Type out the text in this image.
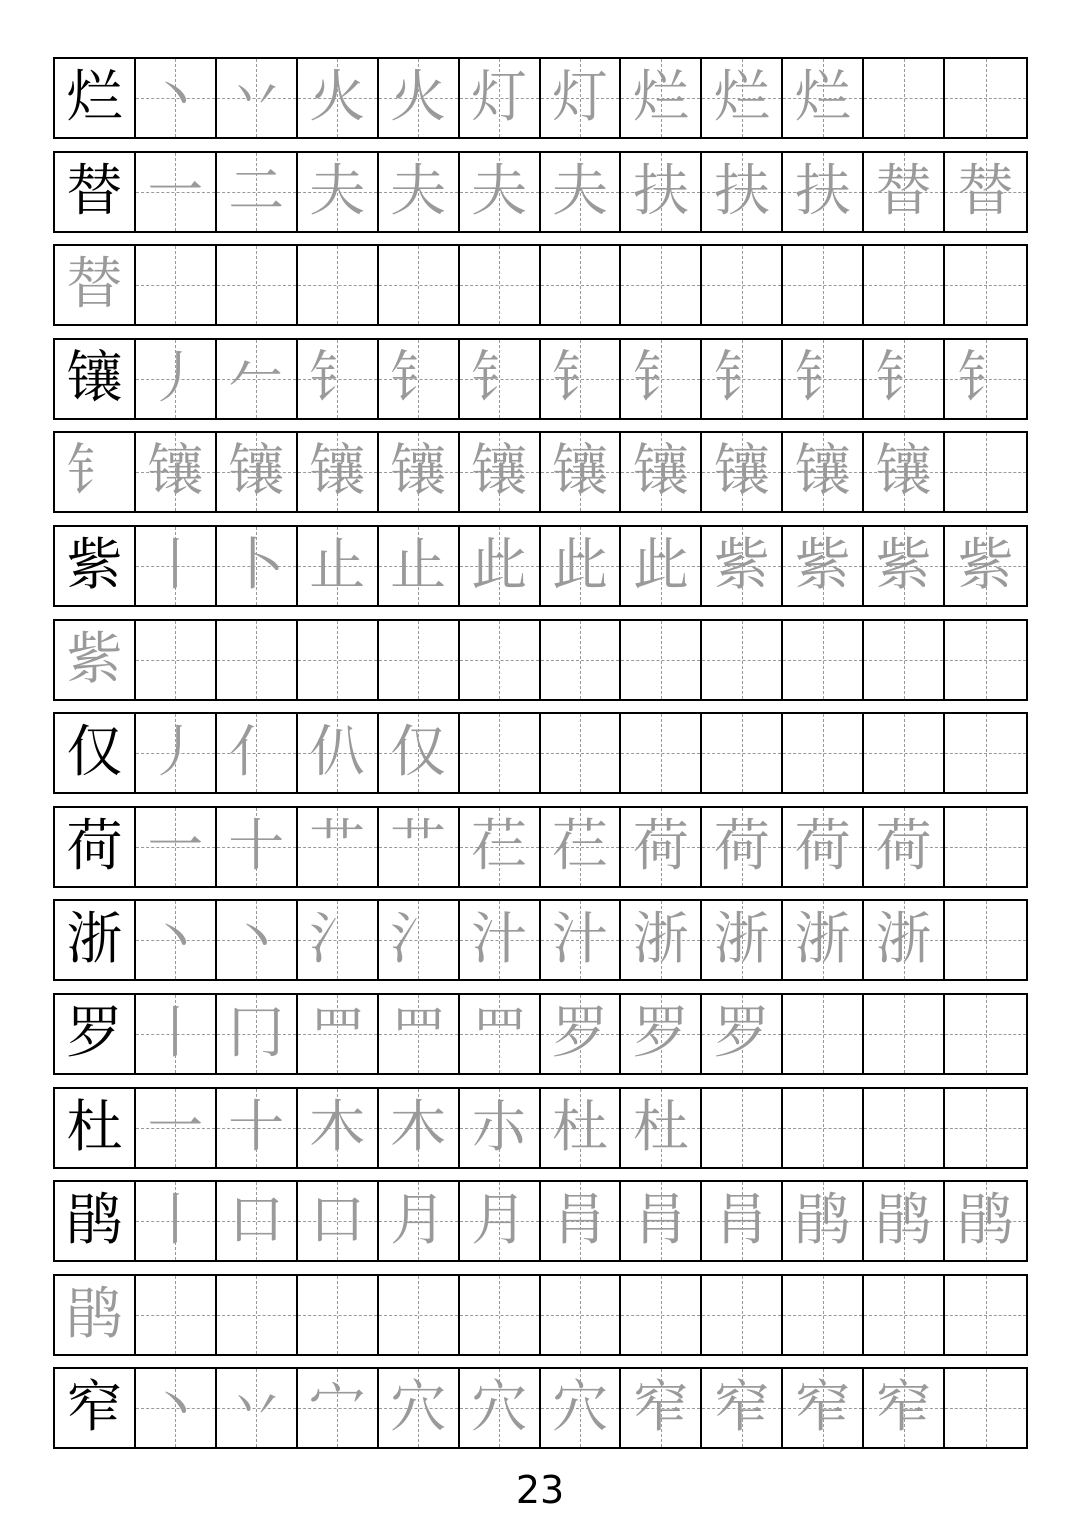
烂 丶 丷 火 火 灯 灯 烂 烂 烂
替 一 二 夫 夫 夫 夫 扶 扶 扶 替 替
替
镶 丿 𠂉 钅 钅 钅 钅 钅 钅 钅 钅 钅
钅 镶 镶 镶 镶 镶 镶 镶 镶 镶 镶
紫 丨 卜 止 止 此 此 此 紫 紫 紫 紫
紫
仅 丿 亻 仈 仅
荷 一 十 艹 艹 芢 芢 荷 荷 荷 荷
浙 丶 丶 氵 氵 汁 汁 浙 浙 浙 浙
罗 丨 冂 罒 罒 罒 罗 罗 罗
杜 一 十 木 木 朩 杜 杜
鹃 丨 口 口 月 月 肙 肙 肙 鹃 鹃 鹃
鹃
窄 丶 丷 宀 穴 穴 穴 窄 窄 窄 窄
23
